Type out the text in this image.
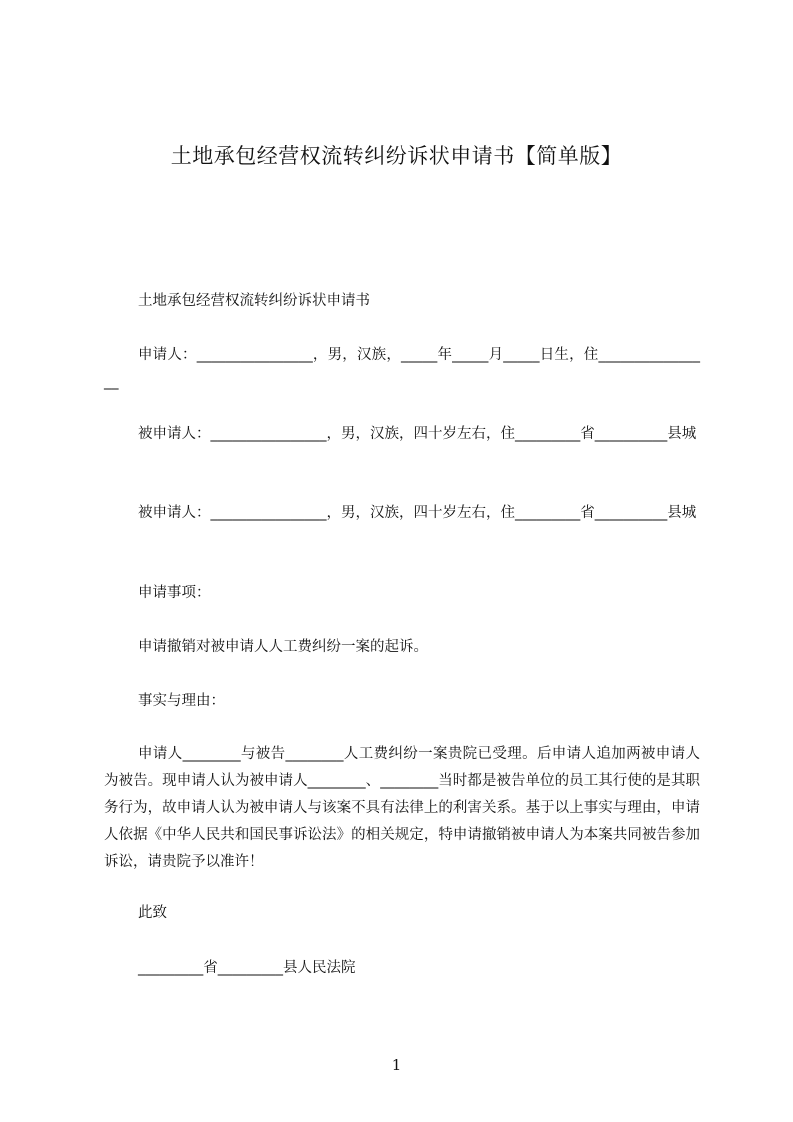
土地承包经营权流转纠纷诉状申请书【简单版】

土地承包经营权流转纠纷诉状申请书

申请人：________________，男，汉族，_____年_____月_____日生，住________________

被申请人：________________，男，汉族，四十岁左右，住_________省__________县城

被申请人：________________，男，汉族，四十岁左右，住_________省__________县城

申请事项：

申请撤销对被申请人人工费纠纷一案的起诉。

事实与理由：

申请人________与被告________人工费纠纷一案贵院已受理。后申请人追加两被申请人为被告。现申请人认为被申请人________、________当时都是被告单位的员工其行使的是其职务行为，故申请人认为被申请人与该案不具有法律上的利害关系。基于以上事实与理由，申请人依据《中华人民共和国民事诉讼法》的相关规定，特申请撤销被申请人为本案共同被告参加诉讼，请贵院予以准许！

此致

_________省_________县人民法院

1
